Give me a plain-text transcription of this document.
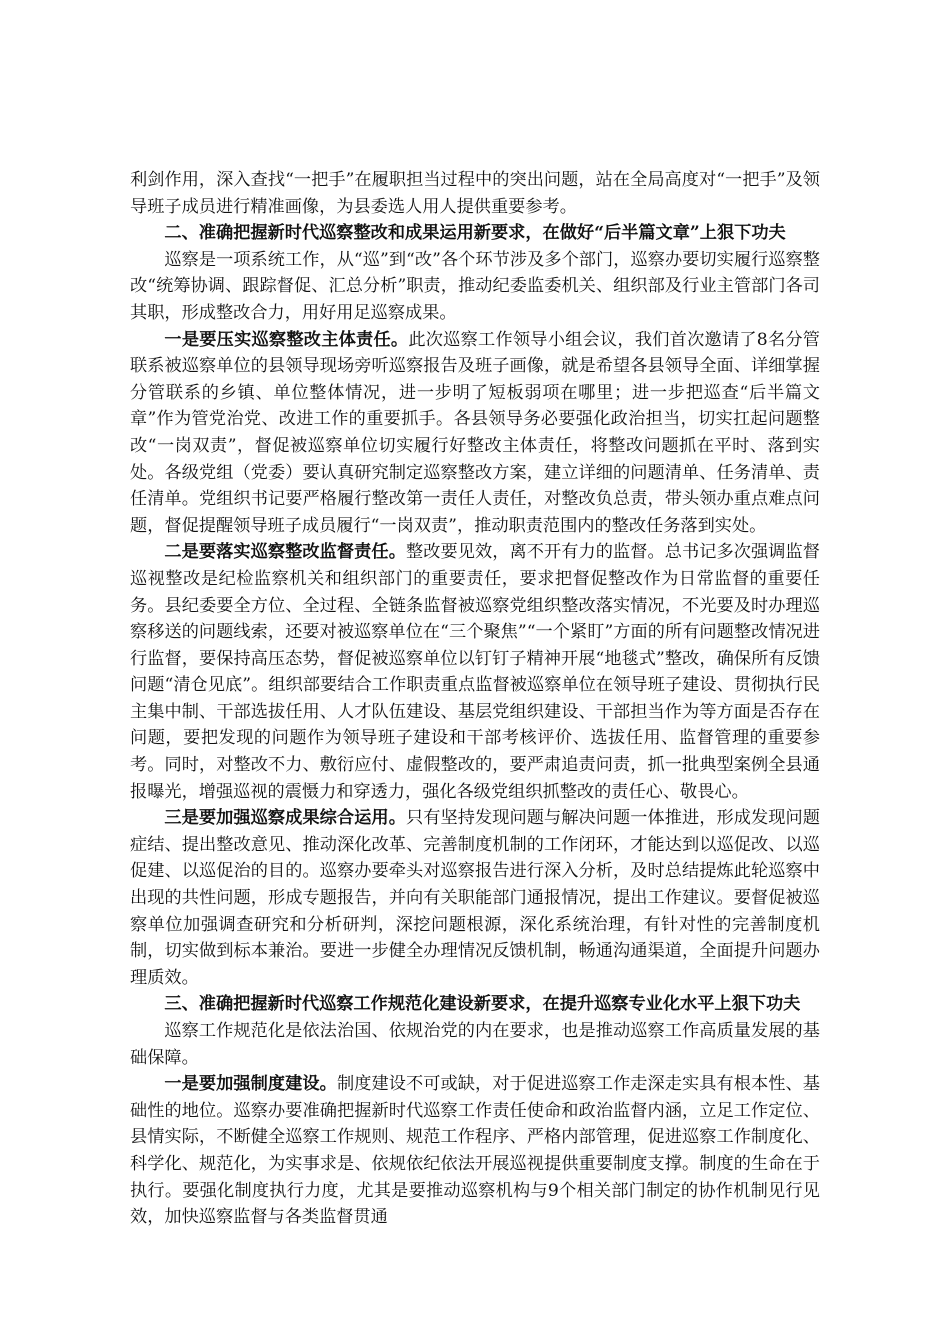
利剑作用，深入查找“一把手”在履职担当过程中的突出问题，站在全局高度对“一把手”及领导班子成员进行精准画像，为县委选人用人提供重要参考。

二、准确把握新时代巡察整改和成果运用新要求，在做好“后半篇文章”上狠下功夫

巡察是一项系统工作，从“巡”到“改”各个环节涉及多个部门，巡察办要切实履行巡察整改“统筹协调、跟踪督促、汇总分析”职责，推动纪委监委机关、组织部及行业主管部门各司其职，形成整改合力，用好用足巡察成果。

一是要压实巡察整改主体责任。此次巡察工作领导小组会议，我们首次邀请了8名分管联系被巡察单位的县领导现场旁听巡察报告及班子画像，就是希望各县领导全面、详细掌握分管联系的乡镇、单位整体情况，进一步明了短板弱项在哪里；进一步把巡查“后半篇文章”作为管党治党、改进工作的重要抓手。各县领导务必要强化政治担当，切实扛起问题整改“一岗双责”，督促被巡察单位切实履行好整改主体责任，将整改问题抓在平时、落到实处。各级党组（党委）要认真研究制定巡察整改方案，建立详细的问题清单、任务清单、责任清单。党组织书记要严格履行整改第一责任人责任，对整改负总责，带头领办重点难点问题，督促提醒领导班子成员履行“一岗双责”，推动职责范围内的整改任务落到实处。

二是要落实巡察整改监督责任。整改要见效，离不开有力的监督。总书记多次强调监督巡视整改是纪检监察机关和组织部门的重要责任，要求把督促整改作为日常监督的重要任务。县纪委要全方位、全过程、全链条监督被巡察党组织整改落实情况，不光要及时办理巡察移送的问题线索，还要对被巡察单位在“三个聚焦”“一个紧盯”方面的所有问题整改情况进行监督，要保持高压态势，督促被巡察单位以钉钉子精神开展“地毯式”整改，确保所有反馈问题“清仓见底”。组织部要结合工作职责重点监督被巡察单位在领导班子建设、贯彻执行民主集中制、干部选拔任用、人才队伍建设、基层党组织建设、干部担当作为等方面是否存在问题，要把发现的问题作为领导班子建设和干部考核评价、选拔任用、监督管理的重要参考。同时，对整改不力、敷衍应付、虚假整改的，要严肃追责问责，抓一批典型案例全县通报曝光，增强巡视的震慑力和穿透力，强化各级党组织抓整改的责任心、敬畏心。

三是要加强巡察成果综合运用。只有坚持发现问题与解决问题一体推进，形成发现问题症结、提出整改意见、推动深化改革、完善制度机制的工作闭环，才能达到以巡促改、以巡促建、以巡促治的目的。巡察办要牵头对巡察报告进行深入分析，及时总结提炼此轮巡察中出现的共性问题，形成专题报告，并向有关职能部门通报情况，提出工作建议。要督促被巡察单位加强调查研究和分析研判，深挖问题根源，深化系统治理，有针对性的完善制度机制，切实做到标本兼治。要进一步健全办理情况反馈机制，畅通沟通渠道，全面提升问题办理质效。

三、准确把握新时代巡察工作规范化建设新要求，在提升巡察专业化水平上狠下功夫

巡察工作规范化是依法治国、依规治党的内在要求，也是推动巡察工作高质量发展的基础保障。

一是要加强制度建设。制度建设不可或缺，对于促进巡察工作走深走实具有根本性、基础性的地位。巡察办要准确把握新时代巡察工作责任使命和政治监督内涵，立足工作定位、县情实际，不断健全巡察工作规则、规范工作程序、严格内部管理，促进巡察工作制度化、科学化、规范化，为实事求是、依规依纪依法开展巡视提供重要制度支撑。制度的生命在于执行。要强化制度执行力度，尤其是要推动巡察机构与9个相关部门制定的协作机制见行见效，加快巡察监督与各类监督贯通
